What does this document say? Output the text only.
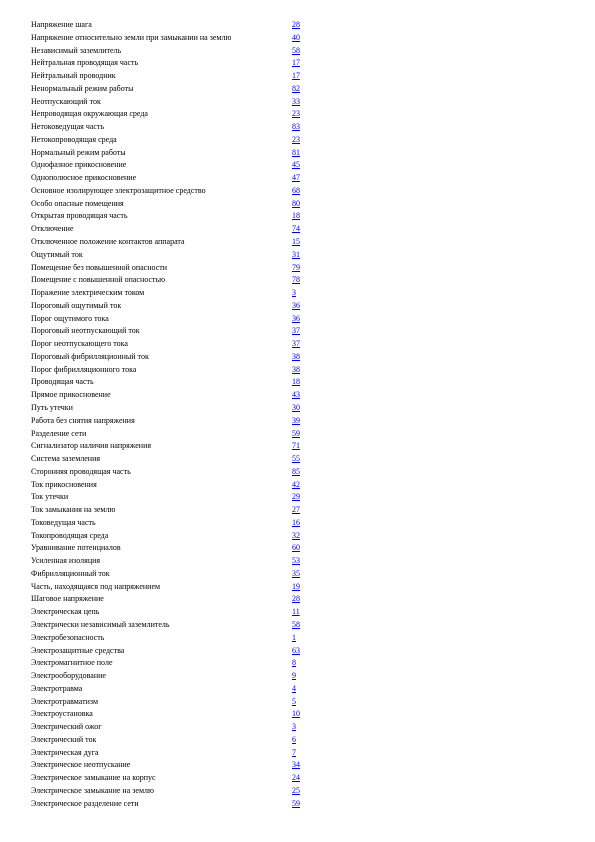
Напряжение шага	28
Напряжение относительно земли при замыкании на землю	40
Независимый заземлитель	58
Нейтральная проводящая часть	17
Нейтральный проводник	17
Ненормальный режим работы	82
Неотпускающий ток	33
Непроводящая окружающая среда	23
Нетоковедущая часть	83
Нетокопроводящая среда	23
Нормальный режим работы	81
Однофазное прикосновение	45
Однополюсное прикосновение	47
Основное изолирующее электрозащитное средство	68
Особо опасные помещения	80
Открытая проводящая часть	18
Отключение	74
Отключенное положение контактов аппарата	15
Ощутимый ток	31
Помещение без повышенной опасности	79
Помещение с повышенной опасностью	78
Поражение электрическим током	3
Пороговый ощутимый ток	36
Порог ощутимого тока	36
Пороговый неотпускающий ток	37
Порог неотпускающего тока	37
Пороговый фибрилляционный ток	38
Порог фибрилляционного тока	38
Проводящая часть	18
Прямое прикосновение	43
Путь утечки	30
Работа без снятия напряжения	39
Разделение сети	59
Сигнализатор наличия напряжения	71
Система заземления	55
Сторонняя проводящая часть	85
Ток прикосновения	42
Ток утечки	29
Ток замыкания на землю	27
Токоведущая часть	16
Токопроводящая среда	32
Уравнивание потенциалов	60
Усиленная изоляция	53
Фибрилляционный ток	35
Часть, находящаяся под напряжением	19
Шаговое напряжение	28
Электрическая цепь	11
Электрически независимый заземлитель	58
Электробезопасность	1
Электрозащитные средства	63
Электромагнитное поле	8
Электрооборудование	9
Электротравма	4
Электротравматизм	5
Электроустановка	10
Электрический ожог	3
Электрический ток	6
Электрическая дуга	7
Электрическое неотпускание	34
Электрическое замыкание на корпус	24
Электрическое замыкание на землю	25
Электрическое разделение сети	59
